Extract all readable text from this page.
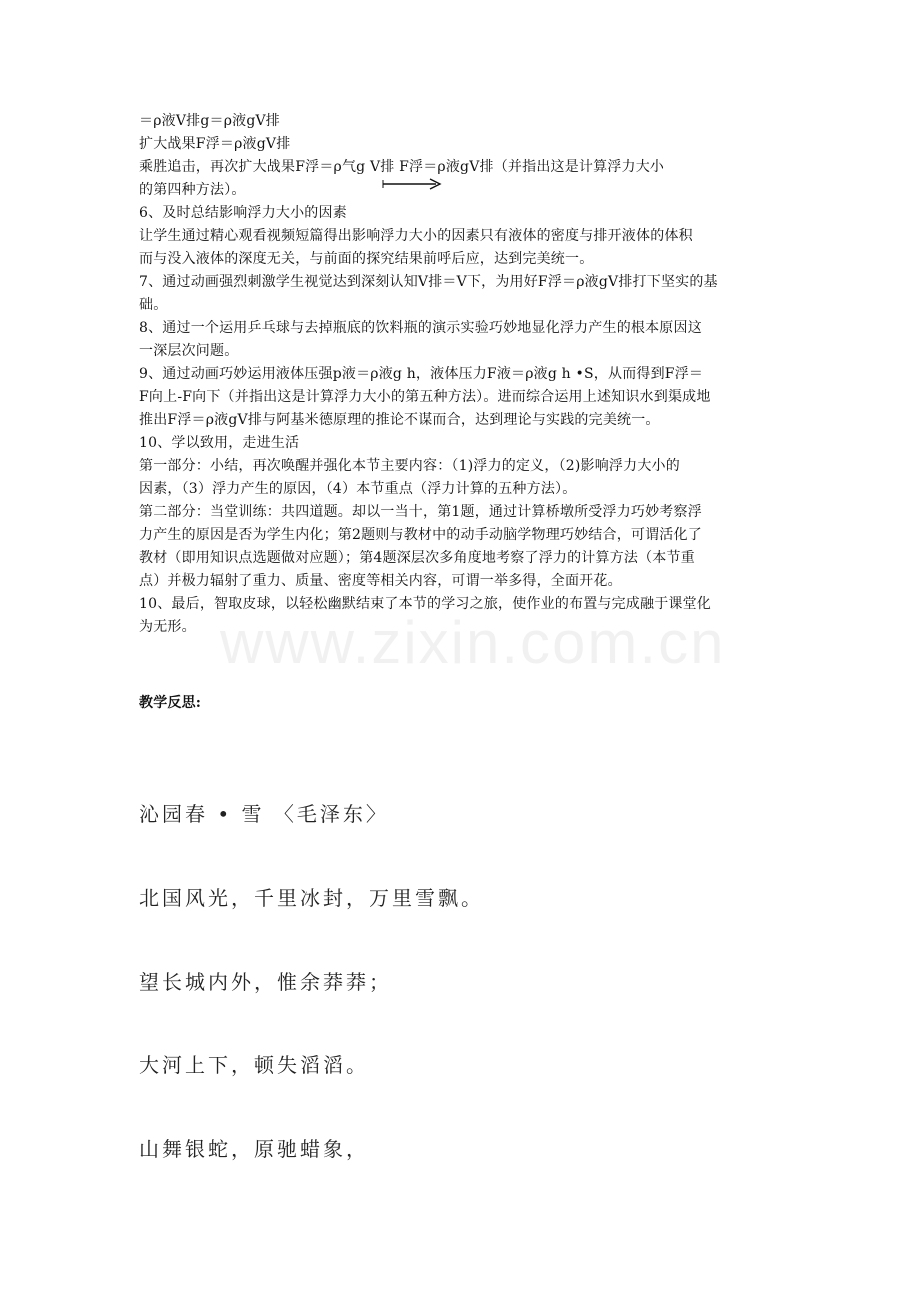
www.zixin.com.cn
＝ρ液V排g＝ρ液gV排
扩大战果F浮＝ρ液gV排
乘胜追击，再次扩大战果F浮＝ρ气g V排 F浮＝ρ液gV排（并指出这是计算浮力大小
的第四种方法）。
6、及时总结影响浮力大小的因素
让学生通过精心观看视频短篇得出影响浮力大小的因素只有液体的密度与排开液体的体积
而与没入液体的深度无关，与前面的探究结果前呼后应，达到完美统一。
7、通过动画强烈刺激学生视觉达到深刻认知V排＝V下，为用好F浮＝ρ液gV排打下坚实的基
础。
8、通过一个运用乒乓球与去掉瓶底的饮料瓶的演示实验巧妙地显化浮力产生的根本原因这
一深层次问题。
9、通过动画巧妙运用液体压强p液＝ρ液g h，液体压力F液＝ρ液g h •S，从而得到F浮＝
F向上-F向下（并指出这是计算浮力大小的第五种方法）。进而综合运用上述知识水到渠成地
推出F浮＝ρ液gV排与阿基米德原理的推论不谋而合，达到理论与实践的完美统一。
10、学以致用，走进生活
第一部分：小结，再次唤醒并强化本节主要内容：（1)浮力的定义，（2)影响浮力大小的
因素，（3）浮力产生的原因，（4）本节重点（浮力计算的五种方法）。
第二部分：当堂训练：共四道题。却以一当十，第1题，通过计算桥墩所受浮力巧妙考察浮
力产生的原因是否为学生内化；第2题则与教材中的动手动脑学物理巧妙结合，可谓活化了
教材（即用知识点选题做对应题）；第4题深层次多角度地考察了浮力的计算方法（本节重
点）并极力辐射了重力、质量、密度等相关内容，可谓一举多得，全面开花。
10、最后，智取皮球，以轻松幽默结束了本节的学习之旅，使作业的布置与完成融于课堂化
为无形。
教学反思:
沁园春 • 雪 〈毛泽东〉
北国风光，千里冰封，万里雪飘。
望长城内外，惟余莽莽；
大河上下，顿失滔滔。
山舞银蛇，原驰蜡象，
